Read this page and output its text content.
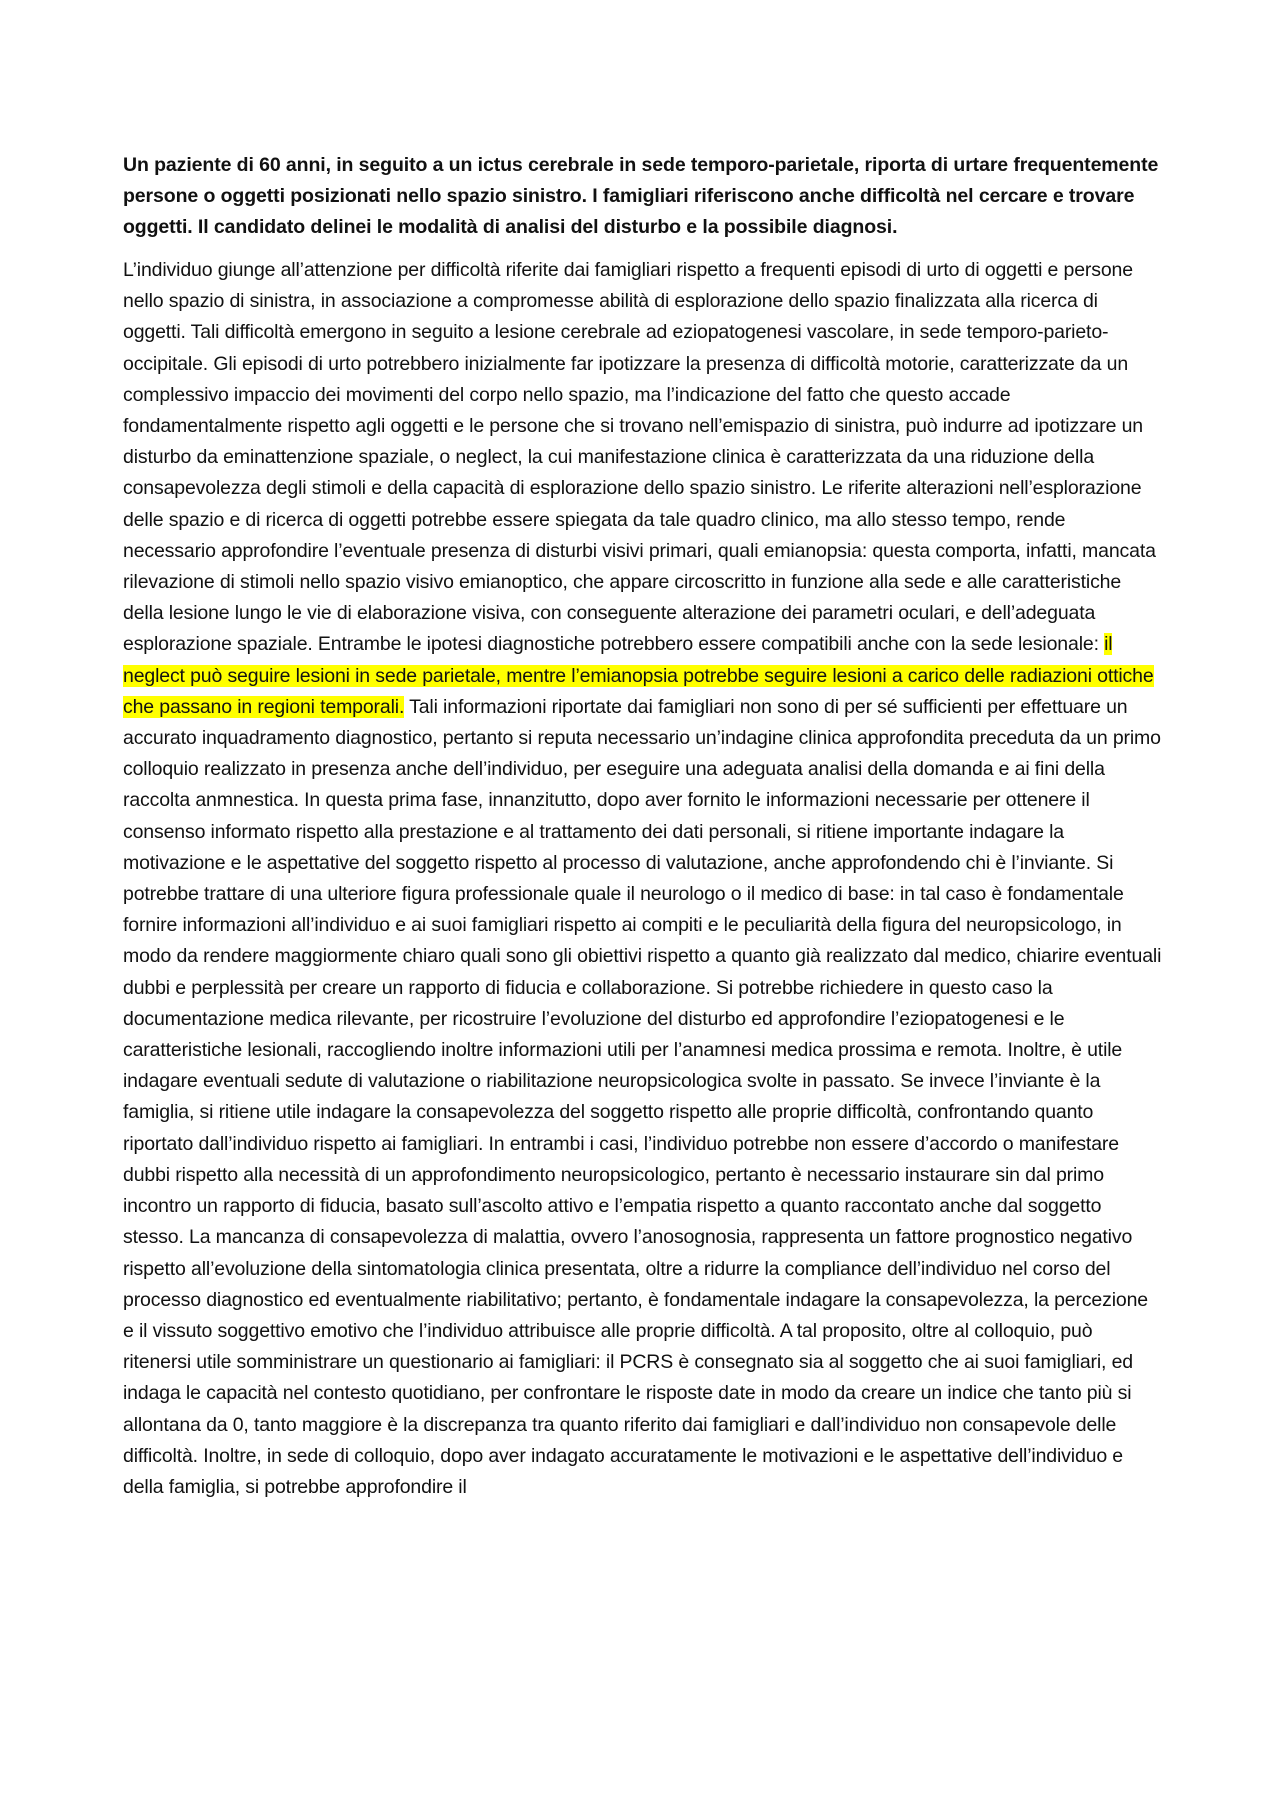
Un paziente di 60 anni, in seguito a un ictus cerebrale in sede temporo-parietale, riporta di urtare frequentemente persone o oggetti posizionati nello spazio sinistro. I famigliari riferiscono anche difficoltà nel cercare e trovare oggetti. Il candidato delinei le modalità di analisi del disturbo e la possibile diagnosi.

L’individuo giunge all’attenzione per difficoltà riferite dai famigliari rispetto a frequenti episodi di urto di oggetti e persone nello spazio di sinistra, in associazione a compromesse abilità di esplorazione dello spazio finalizzata alla ricerca di oggetti. Tali difficoltà emergono in seguito a lesione cerebrale ad eziopatogenesi vascolare, in sede temporo-parieto-occipitale. Gli episodi di urto potrebbero inizialmente far ipotizzare la presenza di difficoltà motorie, caratterizzate da un complessivo impaccio dei movimenti del corpo nello spazio, ma l’indicazione del fatto che questo accade fondamentalmente rispetto agli oggetti e le persone che si trovano nell’emispazio di sinistra, può indurre ad ipotizzare un disturbo da eminattenzione spaziale, o neglect, la cui manifestazione clinica è caratterizzata da una riduzione della consapevolezza degli stimoli e della capacità di esplorazione dello spazio sinistro. Le riferite alterazioni nell’esplorazione delle spazio e di ricerca di oggetti potrebbe essere spiegata da tale quadro clinico, ma allo stesso tempo, rende necessario approfondire l’eventuale presenza di disturbi visivi primari, quali emianopsia: questa comporta, infatti, mancata rilevazione di stimoli nello spazio visivo emianoptico, che appare circoscritto in funzione alla sede e alle caratteristiche della lesione lungo le vie di elaborazione visiva, con conseguente alterazione dei parametri oculari, e dell’adeguata esplorazione spaziale. Entrambe le ipotesi diagnostiche potrebbero essere compatibili anche con la sede lesionale: il neglect può seguire lesioni in sede parietale, mentre l’emianopsia potrebbe seguire lesioni a carico delle radiazioni ottiche che passano in regioni temporali. Tali informazioni riportate dai famigliari non sono di per sé sufficienti per effettuare un accurato inquadramento diagnostico, pertanto si reputa necessario un’indagine clinica approfondita preceduta da un primo colloquio realizzato in presenza anche dell’individuo, per eseguire una adeguata analisi della domanda e ai fini della raccolta anmnestica. In questa prima fase, innanzitutto, dopo aver fornito le informazioni necessarie per ottenere il consenso informato rispetto alla prestazione e al trattamento dei dati personali, si ritiene importante indagare la motivazione e le aspettative del soggetto rispetto al processo di valutazione, anche approfondendo chi è l’inviante. Si potrebbe trattare di una ulteriore figura professionale quale il neurologo o il medico di base: in tal caso è fondamentale fornire informazioni all’individuo e ai suoi famigliari rispetto ai compiti e le peculiarità della figura del neuropsicologo, in modo da rendere maggiormente chiaro quali sono gli obiettivi rispetto a quanto già realizzato dal medico, chiarire eventuali dubbi e perplessità per creare un rapporto di fiducia e collaborazione. Si potrebbe richiedere in questo caso la documentazione medica rilevante, per ricostruire l’evoluzione del disturbo ed approfondire l’eziopatogenesi e le caratteristiche lesionali, raccogliendo inoltre informazioni utili per l’anamnesi medica prossima e remota. Inoltre, è utile indagare eventuali sedute di valutazione o riabilitazione neuropsicologica svolte in passato. Se invece l’inviante è la famiglia, si ritiene utile indagare la consapevolezza del soggetto rispetto alle proprie difficoltà, confrontando quanto riportato dall’individuo rispetto ai famigliari. In entrambi i casi, l’individuo potrebbe non essere d’accordo o manifestare dubbi rispetto alla necessità di un approfondimento neuropsicologico, pertanto è necessario instaurare sin dal primo incontro un rapporto di fiducia, basato sull’ascolto attivo e l’empatia rispetto a quanto raccontato anche dal soggetto stesso. La mancanza di consapevolezza di malattia, ovvero l’anosognosia, rappresenta un fattore prognostico negativo rispetto all’evoluzione della sintomatologia clinica presentata, oltre a ridurre la compliance dell’individuo nel corso del processo diagnostico ed eventualmente riabilitativo; pertanto, è fondamentale indagare la consapevolezza, la percezione e il vissuto soggettivo emotivo che l’individuo attribuisce alle proprie difficoltà. A tal proposito, oltre al colloquio, può ritenersi utile somministrare un questionario ai famigliari: il PCRS è consegnato sia al soggetto che ai suoi famigliari, ed indaga le capacità nel contesto quotidiano, per confrontare le risposte date in modo da creare un indice che tanto più si allontana da 0, tanto maggiore è la discrepanza tra quanto riferito dai famigliari e dall’individuo non consapevole delle difficoltà. Inoltre, in sede di colloquio, dopo aver indagato accuratamente le motivazioni e le aspettative dell’individuo e della famiglia, si potrebbe approfondire il
